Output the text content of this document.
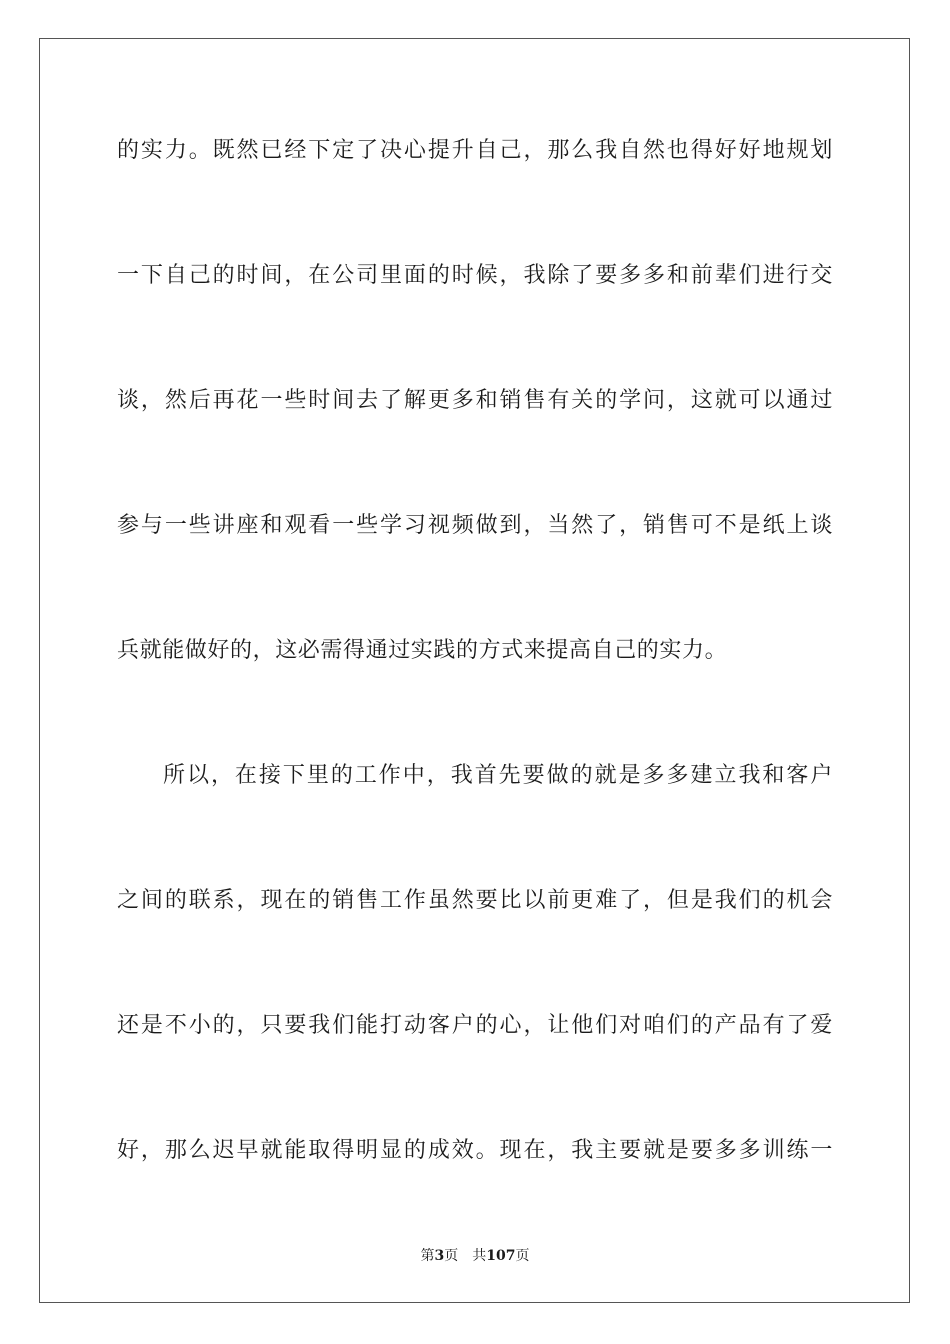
的实力。既然已经下定了决心提升自己，那么我自然也得好好地规划
一下自己的时间，在公司里面的时候，我除了要多多和前辈们进行交
谈，然后再花一些时间去了解更多和销售有关的学问，这就可以通过
参与一些讲座和观看一些学习视频做到，当然了，销售可不是纸上谈
兵就能做好的，这必需得通过实践的方式来提高自己的实力。
所以，在接下里的工作中，我首先要做的就是多多建立我和客户
之间的联系，现在的销售工作虽然要比以前更难了，但是我们的机会
还是不小的，只要我们能打动客户的心，让他们对咱们的产品有了爱
好，那么迟早就能取得明显的成效。现在，我主要就是要多多训练一
第3页 共107页
